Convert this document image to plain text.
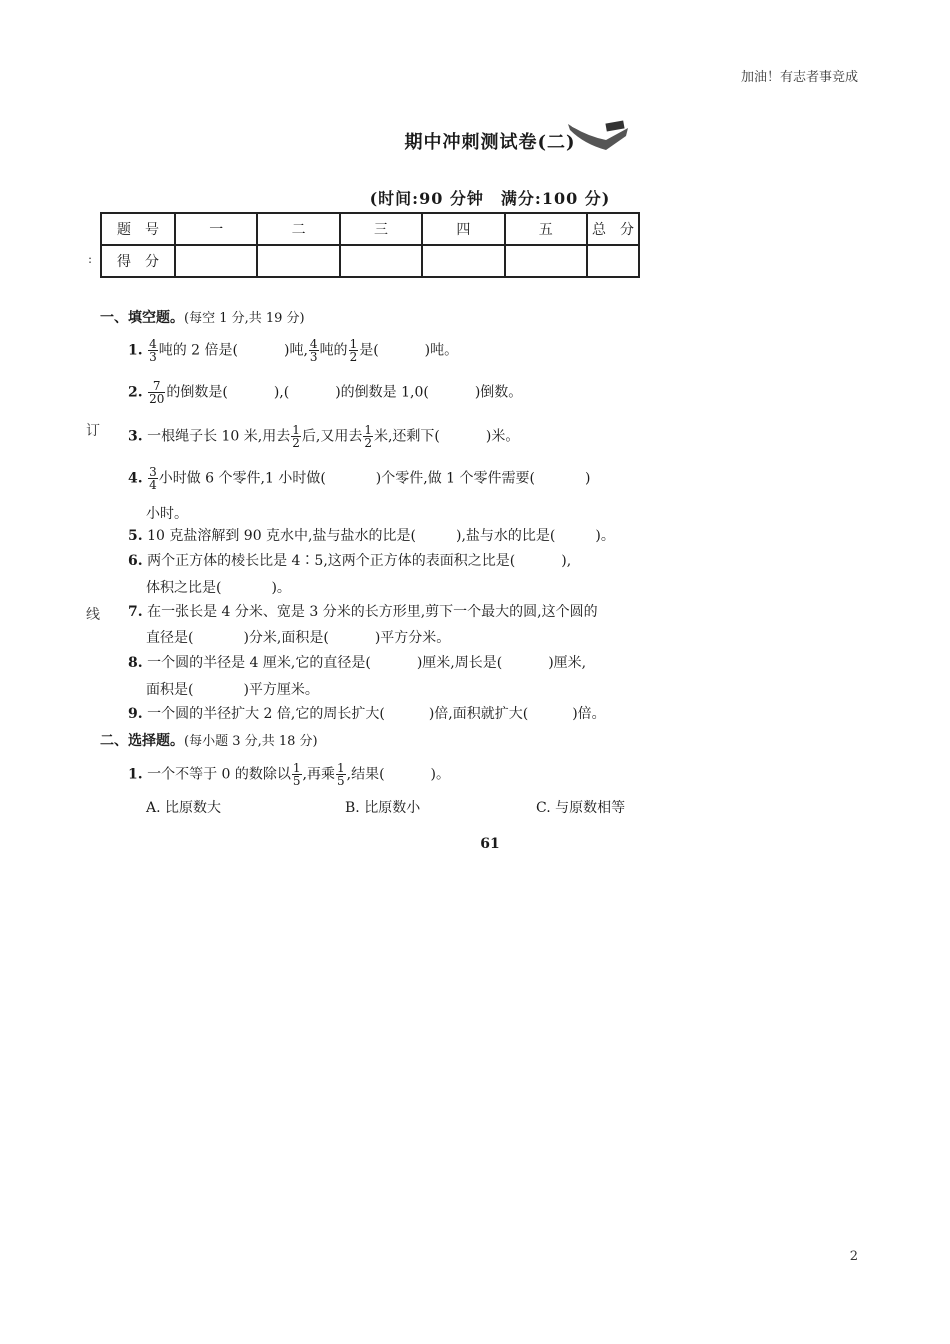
加油！有志者事竞成
期中冲刺测试卷(二)
(时间:90 分钟　满分:100 分)
:
订
线
题　号	一	二	三	四	五	总　分
得　分						
一、填空题。(每空 1 分,共 19 分)
1. $\frac{4}{3}$ 吨的 2 倍是(	)吨, $\frac{4}{3}$ 吨的 $\frac{1}{2}$ 是(	)吨。
2. $\frac{7}{20}$ 的倒数是(	),(	)的倒数是 1,0(	)倒数。
3. 一根绳子长 10 米,用去 $\frac{1}{2}$ 后,又用去 $\frac{1}{2}$ 米,还剩下(	)米。
4. $\frac{3}{4}$ 小时做 6 个零件,1 小时做(	)个零件,做 1 个零件需要(	)
小时。
5. 10 克盐溶解到 90 克水中,盐与盐水的比是(	),盐与水的比是(	)。
6. 两个正方体的棱长比是 4∶5,这两个正方体的表面积之比是(	),
体积之比是(	)。
7. 在一张长是 4 分米、宽是 3 分米的长方形里,剪下一个最大的圆,这个圆的
直径是(	)分米,面积是(	)平方分米。
8. 一个圆的半径是 4 厘米,它的直径是(	)厘米,周长是(	)厘米,
面积是(	)平方厘米。
9. 一个圆的半径扩大 2 倍,它的周长扩大(	)倍,面积就扩大(	)倍。
二、选择题。(每小题 3 分,共 18 分)
1. 一个不等于 0 的数除以 $\frac{1}{5}$ ,再乘 $\frac{1}{5}$ ,结果(	)。
A. 比原数大	B. 比原数小	C. 与原数相等
61
2
